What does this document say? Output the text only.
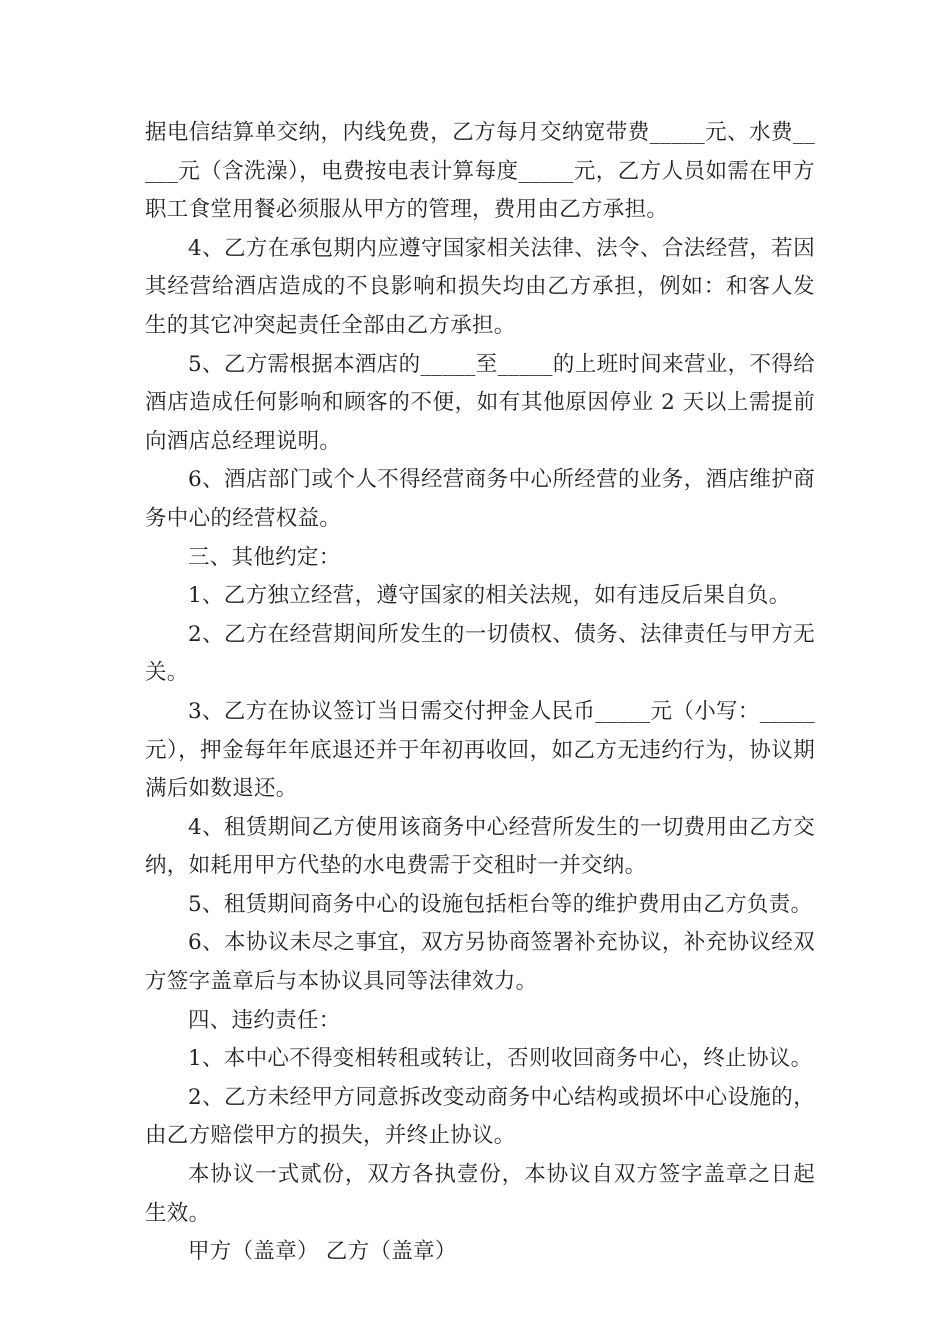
据电信结算单交纳，内线免费，乙方每月交纳宽带费_____元、水费_____元（含洗澡），电费按电表计算每度_____元，乙方人员如需在甲方职工食堂用餐必须服从甲方的管理，费用由乙方承担。

4、乙方在承包期内应遵守国家相关法律、法令、合法经营，若因其经营给酒店造成的不良影响和损失均由乙方承担，例如：和客人发生的其它冲突起责任全部由乙方承担。

5、乙方需根据本酒店的_____至_____的上班时间来营业，不得给酒店造成任何影响和顾客的不便，如有其他原因停业 2 天以上需提前向酒店总经理说明。

6、酒店部门或个人不得经营商务中心所经营的业务，酒店维护商务中心的经营权益。

三、其他约定：

1、乙方独立经营，遵守国家的相关法规，如有违反后果自负。

2、乙方在经营期间所发生的一切债权、债务、法律责任与甲方无关。

3、乙方在协议签订当日需交付押金人民币_____元（小写：_____元），押金每年年底退还并于年初再收回，如乙方无违约行为，协议期满后如数退还。

4、租赁期间乙方使用该商务中心经营所发生的一切费用由乙方交纳，如耗用甲方代垫的水电费需于交租时一并交纳。

5、租赁期间商务中心的设施包括柜台等的维护费用由乙方负责。

6、本协议未尽之事宜，双方另协商签署补充协议，补充协议经双方签字盖章后与本协议具同等法律效力。

四、违约责任：

1、本中心不得变相转租或转让，否则收回商务中心，终止协议。

2、乙方未经甲方同意拆改变动商务中心结构或损坏中心设施的，由乙方赔偿甲方的损失，并终止协议。

本协议一式贰份，双方各执壹份，本协议自双方签字盖章之日起生效。

甲方（盖章） 乙方（盖章）
